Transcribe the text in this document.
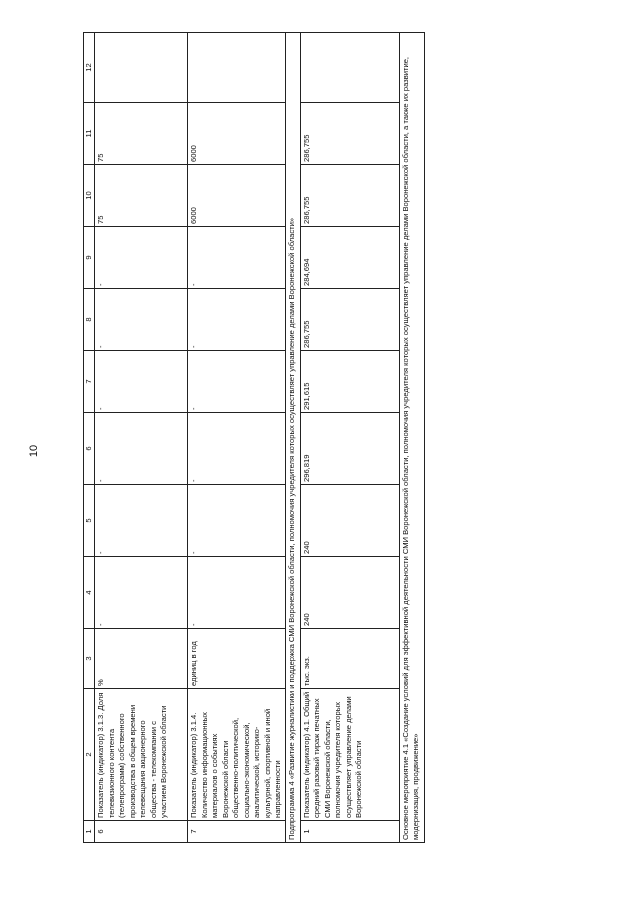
10
1	2	3	4	5	6	7	8	9	10	11	12
6	Показатель (индикатор) 3.1.3. Доля телевизионного контента (телепрограмм) собственного производства в общем времени телевещания акционерного общества - телекомпании с участием Воронежской области	%	-	-	-	-	-	-	75	75	
7	Показатель (индикатор) 3.1.4. Количество информационных материалов о событиях Воронежской области общественно-политической, социально-экономической, аналитической, историко-культурной, спортивной и иной направленности	единиц в год	-	-	-	-	-	-	6000	6000	
Подпрограмма 4 «Развитие журналистики и поддержка СМИ Воронежской области, полномочия учредителя которых осуществляет управление делами Воронежской области»											
1	Показатель (индикатор) 4.1. Общий средний разовый тираж печатных СМИ Воронежской области, полномочия учредителя которых осуществляет управление делами Воронежской области	тыс. экз.	240	240	296,819	291,615	286,755	284,694	286,755	286,755	
Основное мероприятие 4.1 «Создание условий для эффективной деятельности СМИ Воронежской области, полномочия учредителя которых осуществляет управление делами Воронежской области, а также их развитие, модернизация, продвижение»											
